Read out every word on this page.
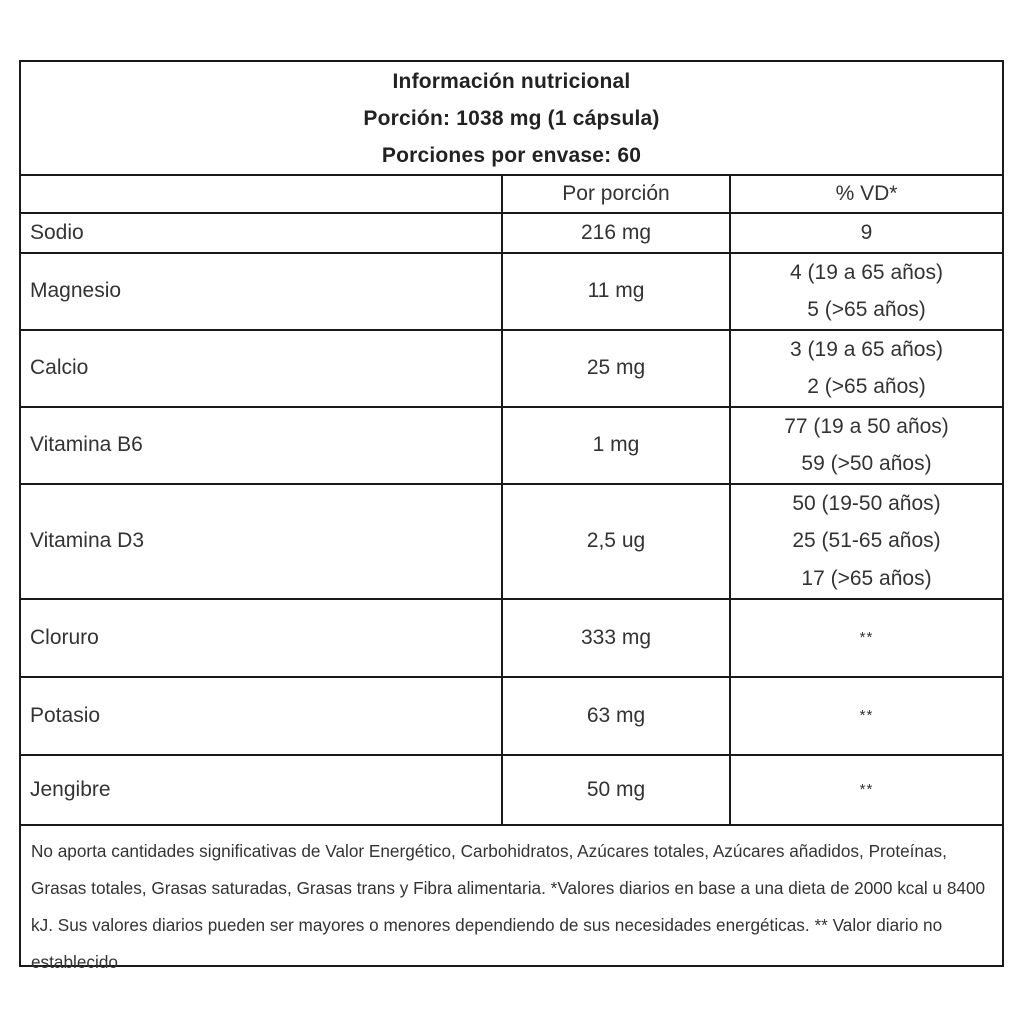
Información nutricional
Porción: 1038 mg (1 cápsula)
Porciones por envase: 60
	Por porción	% VD*
Sodio	216 mg	9

Magnesio	11 mg	4 (19 a 65 años)
5 (>65 años)

Calcio	25 mg	3 (19 a 65 años)
2 (>65 años)

Vitamina B6	1 mg	77 (19 a 50 años)
59 (>50 años)

Vitamina D3	2,5 ug	50 (19-50 años)
25 (51-65 años)
17 (>65 años)

Cloruro	333 mg	**

Potasio	63 mg	**

Jengibre	50 mg	**
No aporta cantidades significativas de Valor Energético, Carbohidratos, Azúcares totales, Azúcares añadidos, Proteínas, Grasas totales, Grasas saturadas, Grasas trans y Fibra alimentaria. *Valores diarios en base a una dieta de 2000 kcal u 8400 kJ. Sus valores diarios pueden ser mayores o menores dependiendo de sus necesidades energéticas. ** Valor diario no establecido
